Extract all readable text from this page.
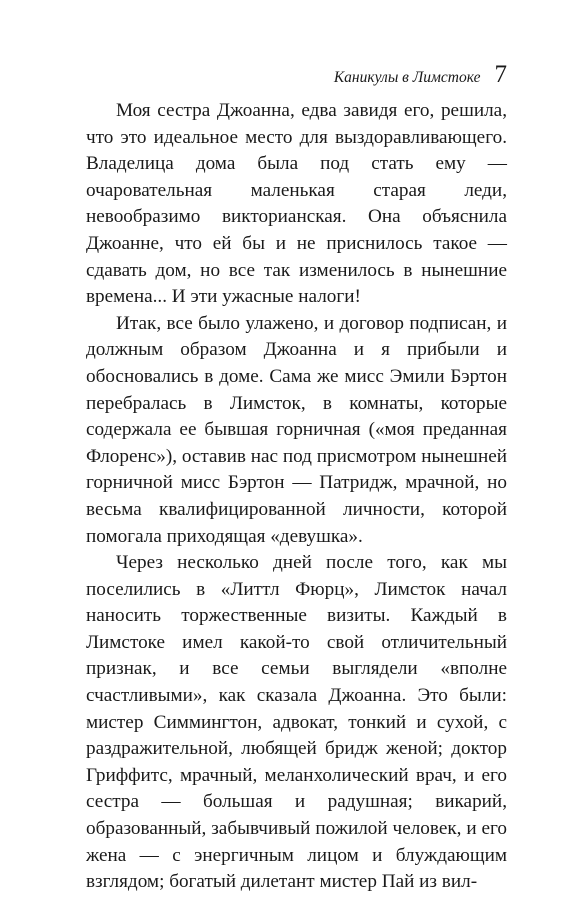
Каникулы в Лимстоке 7

Моя сестра Джоанна, едва завидя его, решила, что это идеальное место для выздоравливающего. Владелица дома была под стать ему — очаровательная маленькая старая леди, невообразимо викторианская. Она объяснила Джоанне, что ей бы и не приснилось такое — сдавать дом, но все так изменилось в нынешние времена... И эти ужасные налоги!

Итак, все было улажено, и договор подписан, и должным образом Джоанна и я прибыли и обосновались в доме. Сама же мисс Эмили Бэртон перебралась в Лимсток, в комнаты, которые содержала ее бывшая горничная («моя преданная Флоренс»), оставив нас под присмотром нынешней горничной мисс Бэртон — Патридж, мрачной, но весьма квалифицированной личности, которой помогала приходящая «девушка».

Через несколько дней после того, как мы поселились в «Литтл Фюрц», Лимсток начал наносить торжественные визиты. Каждый в Лимстоке имел какой-то свой отличительный признак, и все семьи выглядели «вполне счастливыми», как сказала Джоанна. Это были: мистер Симмингтон, адвокат, тонкий и сухой, с раздражительной, любящей бридж женой; доктор Гриффитс, мрачный, меланхолический врач, и его сестра — большая и радушная; викарий, образованный, забывчивый пожилой человек, и его жена — с энергичным лицом и блуждающим взглядом; богатый дилетант мистер Пай из вил-
